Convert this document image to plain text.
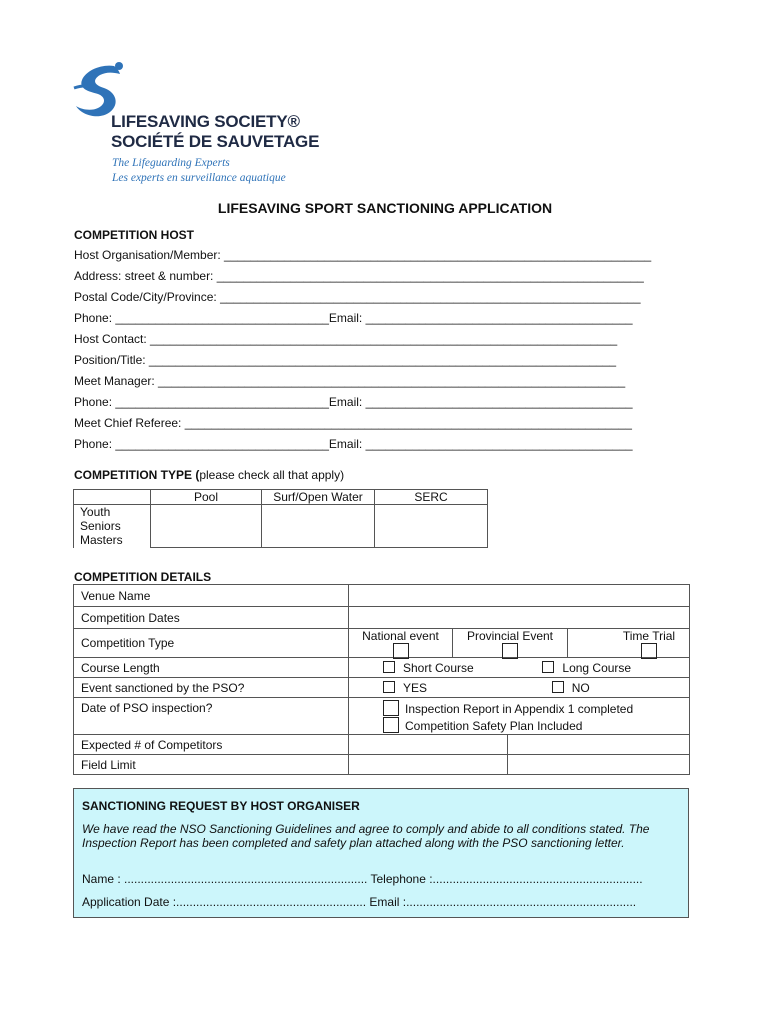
LIFESAVING SOCIETY®
SOCIÉTÉ DE SAUVETAGE
The Lifeguarding Experts
Les experts en surveillance aquatique
LIFESAVING SPORT SANCTIONING APPLICATION
COMPETITION HOST
Host Organisation/Member: ________________________________________________________________
Address: street & number: ________________________________________________________________
Postal Code/City/Province: _______________________________________________________________
Phone: ________________________________Email: ________________________________________
Host Contact: ______________________________________________________________________
Position/Title: ______________________________________________________________________
Meet Manager: ______________________________________________________________________
Phone: ________________________________Email: ________________________________________
Meet Chief Referee: ___________________________________________________________________
Phone: ________________________________Email: ________________________________________
COMPETITION TYPE (please check all that apply)
	Pool	Surf/Open Water	SERC

Youth
Seniors
Masters			

COMPETITION DETAILS
Venue Name		
Competition Dates		
Competition Type	National event Provincial Event Time Trial	

Course Length	Short Course Long Course	
Event sanctioned by the PSO?	YES NO	
Date of PSO inspection?	Inspection Report in Appendix 1 completed
Competition Safety Plan Included	

Expected # of Competitors		
Field Limit		
SANCTIONING REQUEST BY HOST ORGANISER
We have read the NSO Sanctioning Guidelines and agree to comply and abide to all conditions stated. The Inspection Report has been completed and safety plan attached along with the PSO sanctioning letter.
Name : ......................................................................... Telephone :...............................................................
Application Date :......................................................... Email :.....................................................................
